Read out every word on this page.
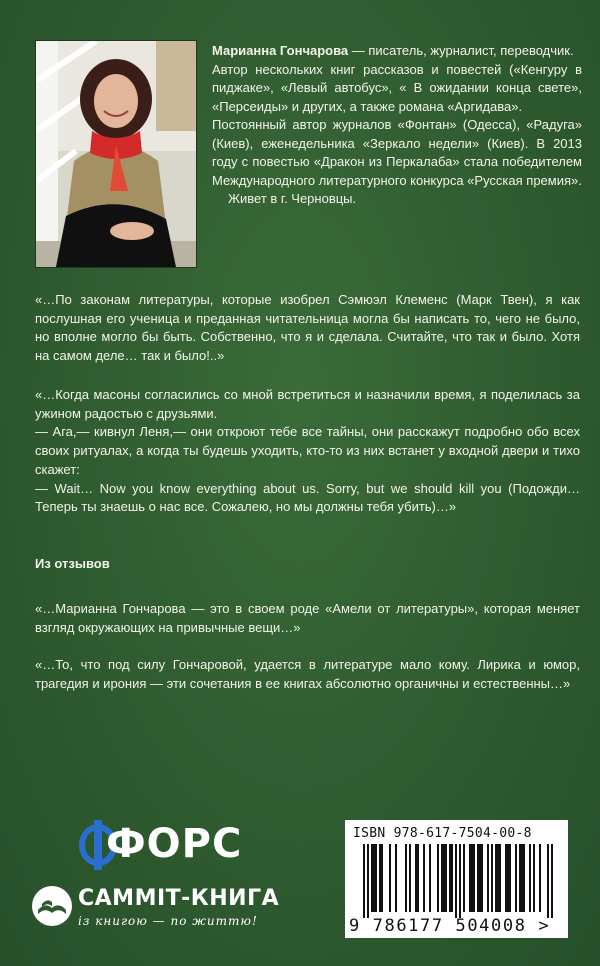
Марианна Гончарова — писатель, журналист, переводчик.

Автор нескольких книг рассказов и повестей («Кенгуру в пиджаке», «Левый автобус», « В ожидании конца свете», «Персеиды» и других, а также романа «Аргидава».

Постоянный автор журналов «Фонтан» (Одесса), «Радуга» (Киев), еженедельника «Зеркало недели» (Киев). В 2013 году с повестью «Дракон из Перкалаба» стала победителем Международного литературного конкурса «Русская премия».

Живет в г. Черновцы.

«…По законам литературы, которые изобрел Сэмюэл Клеменс (Марк Твен), я как послушная его ученица и преданная читательница могла бы написать то, чего не было, но вполне могло бы быть. Собственно, что я и сделала. Считайте, что так и было. Хотя на самом деле… так и было!..»

«…Когда масоны согласились со мной встретиться и назначили время, я поделилась за ужином радостью с друзьями.

— Ага,— кивнул Леня,— они откроют тебе все тайны, они расскажут подробно обо всех своих ритуалах, а когда ты будешь уходить, кто-то из них встанет у входной двери и тихо скажет:

— Wait… Now you know everything about us. Sorry, but we should kill you (Подожди… Теперь ты знаешь о нас все. Сожалею, но мы должны тебя убить)…»

Из отзывов

«…Марианна Гончарова — это в своем роде «Амели от литературы», которая меняет взгляд окружающих на привычные вещи…»

«…То, что под силу Гончаровой, удается в литературе мало кому. Лирика и юмор, трагедия и ирония — эти сочетания в ее книгах абсолютно органичны и естественны…»

ФОРС
САММІТ-КНИГА
із книгою — по життю!
ISBN 978-617-7504-00-8
9 786177 504008 >
